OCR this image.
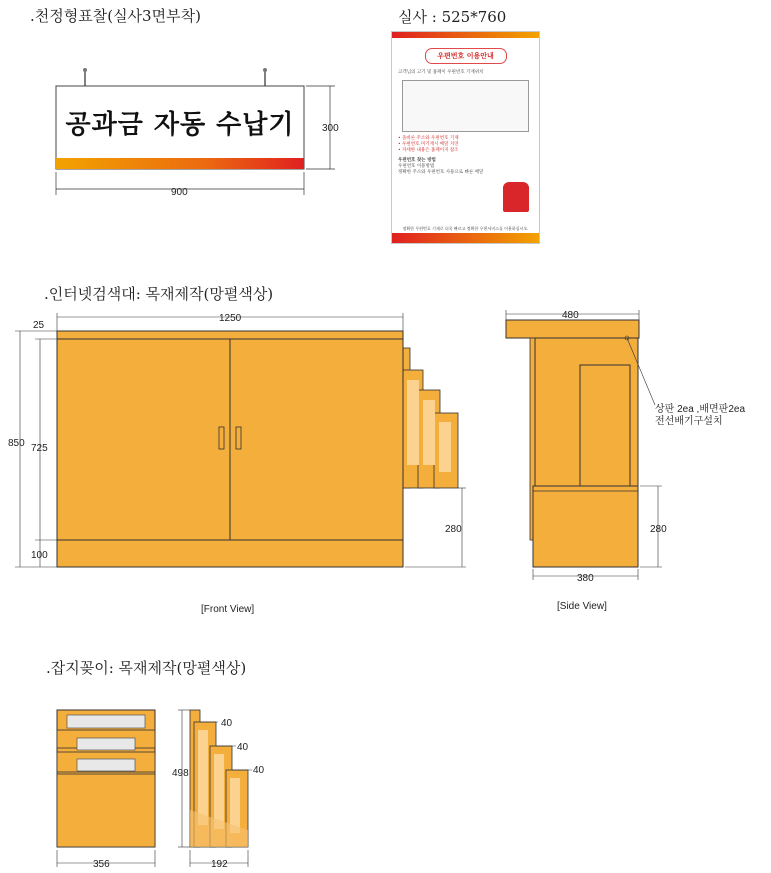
.천정형표찰(실사3면부착)	실사 : 525*760
.인터넷검색대: 목재제작(망펼색상)
.잡지꽂이: 목재제작(망펼색상)
900
300
1250
25
850 725
100
280
480
380
280
상판 2ea ,배면판2ea
전선배기구설치
356
40
40
40
498
192
공과금 자동 수납기
우편번호 이용안내
고객님의 고기 및 홈페이 우편번호 기재위치
• 올바른 주소와 우편번호 기재
• 우편번호 미기재시 배달 지연
• 자세한 내용은 홈페이지 참조
우편번호 찾는 방법
우편번호 이용방법
정확한 주소와 우편번호 사용으로 빠른 배달
정확한 우편번호 기재로 더욱 빠르고 정확한 우편서비스를 이용하십시오.
[Front View]	[Side View]
